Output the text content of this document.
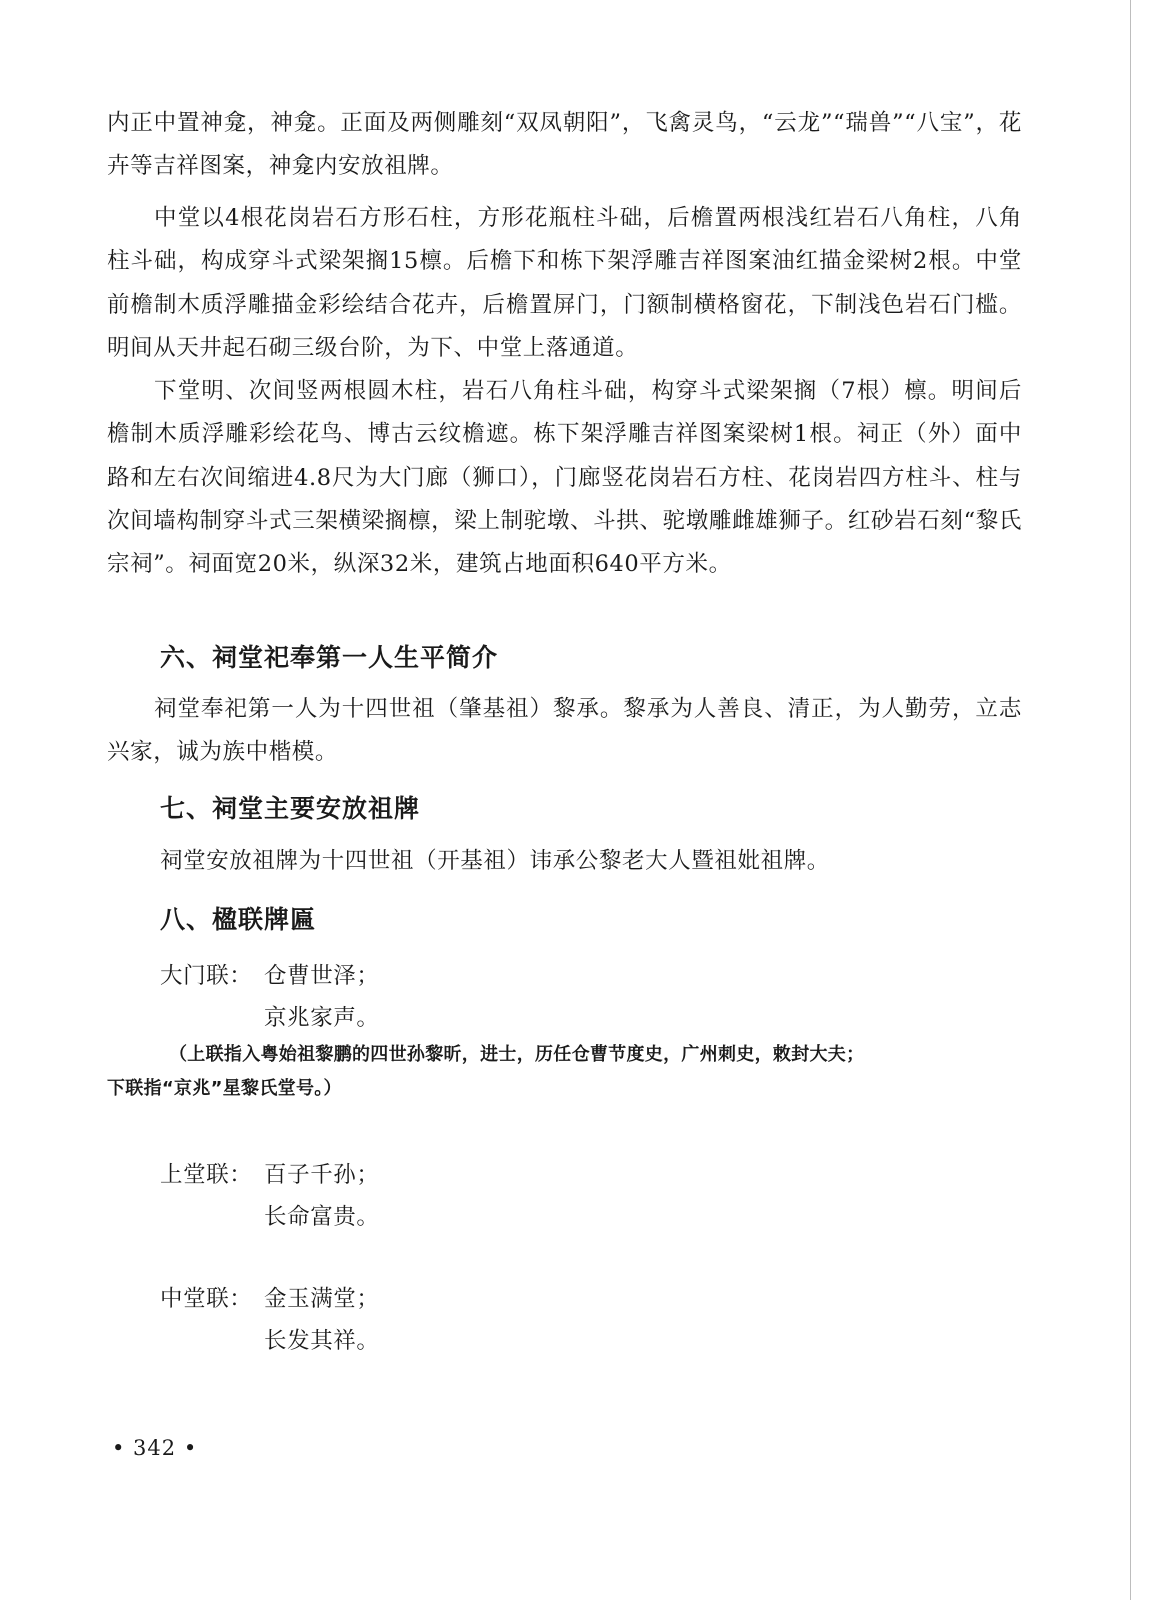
内正中置神龛，神龛。正面及两侧雕刻“双凤朝阳”，飞禽灵鸟，“云龙”“瑞兽”“八宝”，花卉等吉祥图案，神龛内安放祖牌。

中堂以4根花岗岩石方形石柱，方形花瓶柱斗础，后檐置两根浅红岩石八角柱，八角柱斗础，构成穿斗式梁架搁15檩。后檐下和栋下架浮雕吉祥图案油红描金梁树2根。中堂前檐制木质浮雕描金彩绘结合花卉，后檐置屏门，门额制横格窗花，下制浅色岩石门槛。明间从天井起石砌三级台阶，为下、中堂上落通道。

下堂明、次间竖两根圆木柱，岩石八角柱斗础，构穿斗式梁架搁（7根）檩。明间后檐制木质浮雕彩绘花鸟、博古云纹檐遮。栋下架浮雕吉祥图案梁树1根。祠正（外）面中路和左右次间缩进4.8尺为大门廊（狮口），门廊竖花岗岩石方柱、花岗岩四方柱斗、柱与次间墙构制穿斗式三架横梁搁檩，梁上制驼墩、斗拱、驼墩雕雌雄狮子。红砂岩石刻“黎氏宗祠”。祠面宽20米，纵深32米，建筑占地面积640平方米。

六、祠堂祀奉第一人生平简介

祠堂奉祀第一人为十四世祖（肇基祖）黎承。黎承为人善良、清正，为人勤劳，立志兴家，诚为族中楷模。

七、祠堂主要安放祖牌

祠堂安放祖牌为十四世祖（开基祖）讳承公黎老大人暨祖妣祖牌。

八、楹联牌匾
大门联： 仓曹世泽；
京兆家声。

（上联指入粤始祖黎鹏的四世孙黎昕，进士，历任仓曹节度史，广州刺史，敕封大夫；
下联指“京兆”星黎氏堂号。）

上堂联： 百子千孙；
长命富贵。
中堂联： 金玉满堂；
长发其祥。
• 342 •
